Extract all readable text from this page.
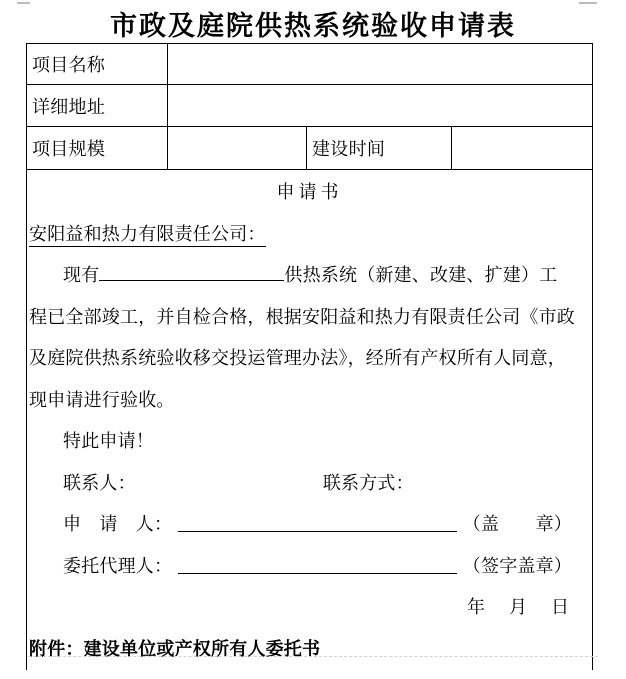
市政及庭院供热系统验收申请表
项目名称
详细地址
项目规模	建设时间
申请书
安阳益和热力有限责任公司：
现有	供热系统（新建、改建、扩建）工
程已全部竣工，并自检合格，根据安阳益和热力有限责任公司《市政
及庭院供热系统验收移交投运管理办法》，经所有产权所有人同意，
现申请进行验收。
特此申请！
联系人：	联系方式：
申　请　人：	（盖　　章）
委托代理人：	（签字盖章）
年　月　日
附件：建设单位或产权所有人委托书
